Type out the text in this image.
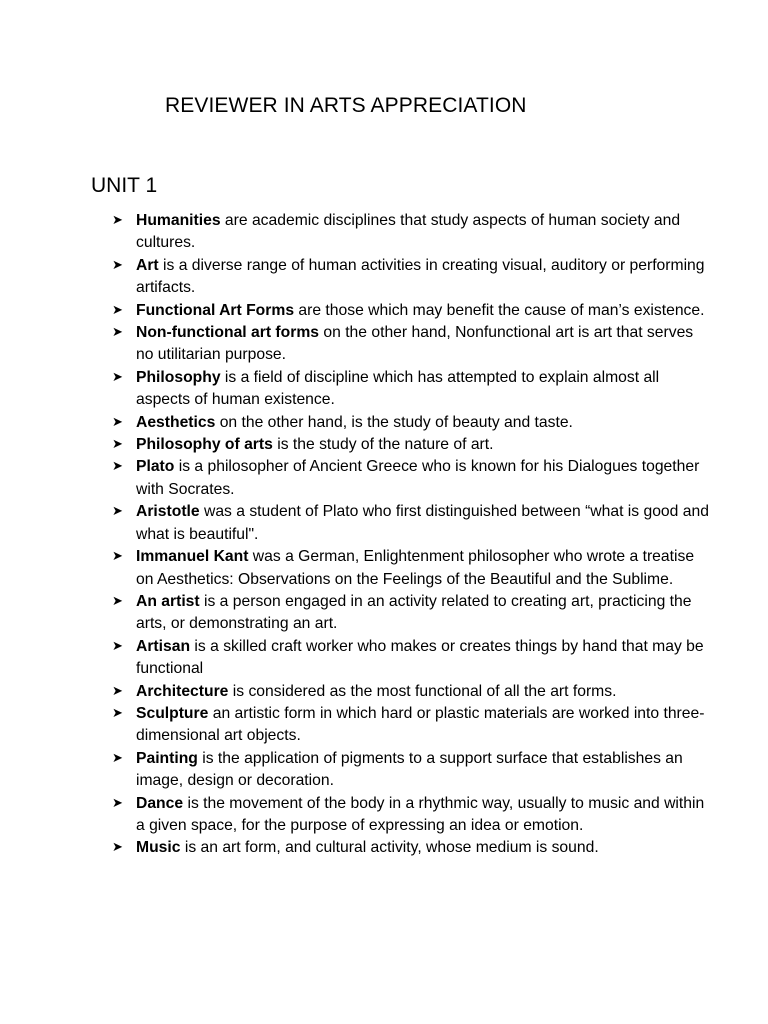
REVIEWER IN ARTS APPRECIATION
UNIT 1
➤ Humanities are academic disciplines that study aspects of human society and cultures.
➤ Art is a diverse range of human activities in creating visual, auditory or performing artifacts.
➤ Functional Art Forms are those which may benefit the cause of man’s existence.
➤ Non-functional art forms on the other hand, Nonfunctional art is art that serves no utilitarian purpose.
➤ Philosophy is a field of discipline which has attempted to explain almost all aspects of human existence.
➤ Aesthetics on the other hand, is the study of beauty and taste.
➤ Philosophy of arts is the study of the nature of art.
➤ Plato is a philosopher of Ancient Greece who is known for his Dialogues together with Socrates.
➤ Aristotle was a student of Plato who first distinguished between “what is good and what is beautiful".
➤ Immanuel Kant was a German, Enlightenment philosopher who wrote a treatise on Aesthetics: Observations on the Feelings of the Beautiful and the Sublime.
➤ An artist is a person engaged in an activity related to creating art, practicing the arts, or demonstrating an art.
➤ Artisan is a skilled craft worker who makes or creates things by hand that may be functional
➤ Architecture is considered as the most functional of all the art forms.
➤ Sculpture an artistic form in which hard or plastic materials are worked into three-dimensional art objects.
➤ Painting is the application of pigments to a support surface that establishes an image, design or decoration.
➤ Dance is the movement of the body in a rhythmic way, usually to music and within a given space, for the purpose of expressing an idea or emotion.
➤ Music is an art form, and cultural activity, whose medium is sound.
